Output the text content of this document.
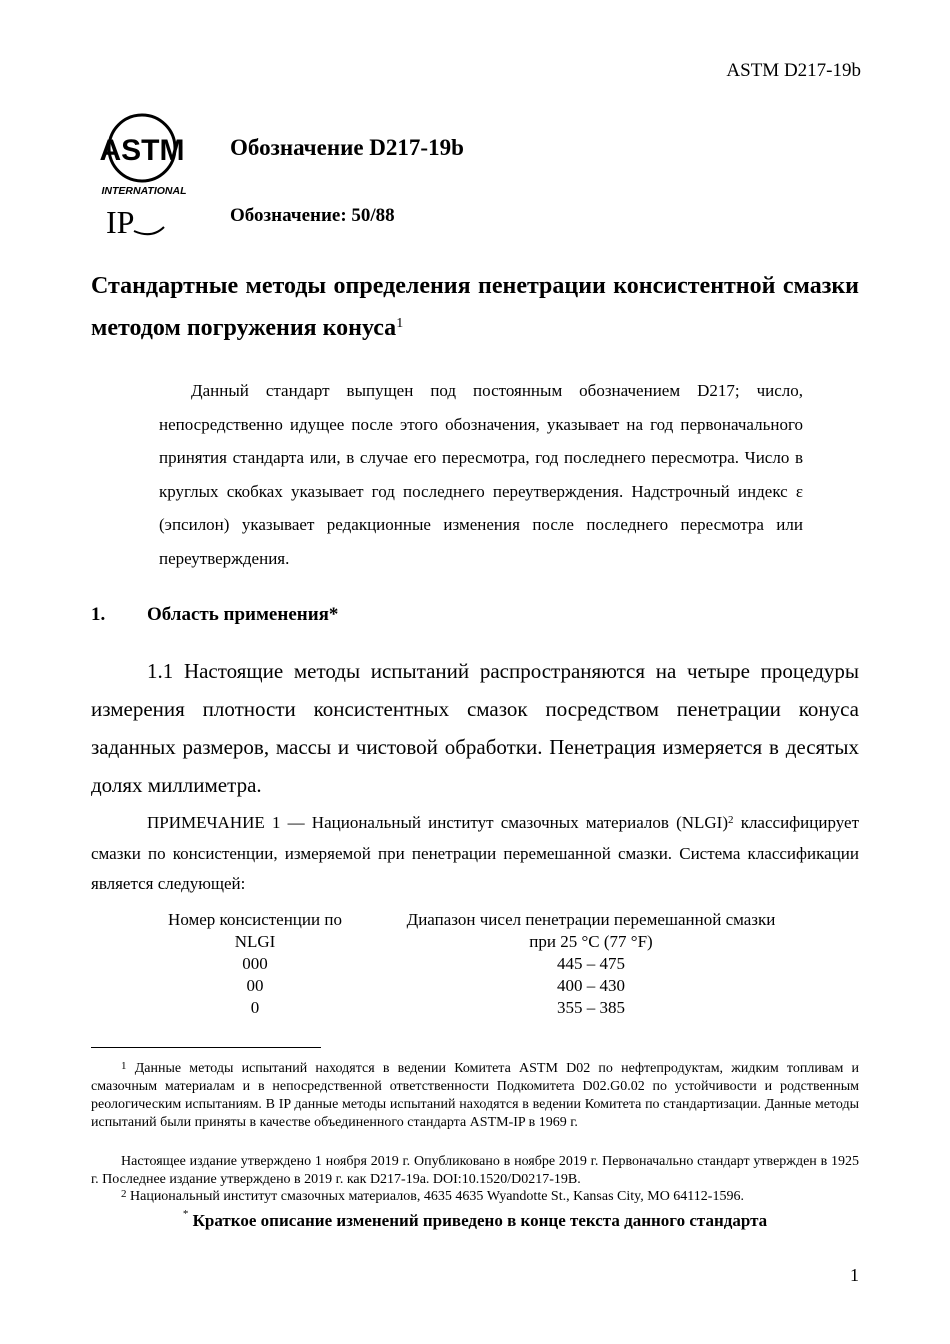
ASTM D217-19b
ASTM
INTERNATIONAL
IP
Обозначение D217-19b
Обозначение: 50/88
Стандартные методы определения пенетрации консистентной смазки методом погружения конуса$^1$
Данный стандарт выпущен под постоянным обозначением D217; число, непосредственно идущее после этого обозначения, указывает на год первоначального принятия стандарта или, в случае его пересмотра, год последнего пересмотра. Число в круглых скобках указывает год последнего переутверждения. Надстрочный индекс ε (эпсилон) указывает редакционные изменения после последнего пересмотра или переутверждения.
1. Область применения*
1.1 Настоящие методы испытаний распространяются на четыре процедуры измерения плотности консистентных смазок посредством пенетрации конуса заданных размеров, массы и чистовой обработки. Пенетрация измеряется в десятых долях миллиметра.
ПРИМЕЧАНИЕ 1 — Национальный институт смазочных материалов (NLGI)$^2$ классифицирует смазки по консистенции, измеряемой при пенетрации перемешанной смазки. Система классификации является следующей:
Номер консистенции по	Диапазон чисел пенетрации перемешанной смазки
NLGI	при 25 °C (77 °F)
000	445 – 475
00	400 – 430
0	355 – 385
$^1$ Данные методы испытаний находятся в ведении Комитета ASTM D02 по нефтепродуктам, жидким топливам и смазочным материалам и в непосредственной ответственности Подкомитета D02.G0.02 по устойчивости и родственным реологическим испытаниям. В IP данные методы испытаний находятся в ведении Комитета по стандартизации. Данные методы испытаний были приняты в качестве объединенного стандарта ASTM-IP в 1969 г.
Настоящее издание утверждено 1 ноября 2019 г. Опубликовано в ноябре 2019 г. Первоначально стандарт утвержден в 1925 г. Последнее издание утверждено в 2019 г. как D217-19a. DOI:10.1520/D0217-19B.
$^2$ Национальный институт смазочных материалов, 4635 4635 Wyandotte St., Kansas City, MO 64112-1596.
* Краткое описание изменений приведено в конце текста данного стандарта
1
